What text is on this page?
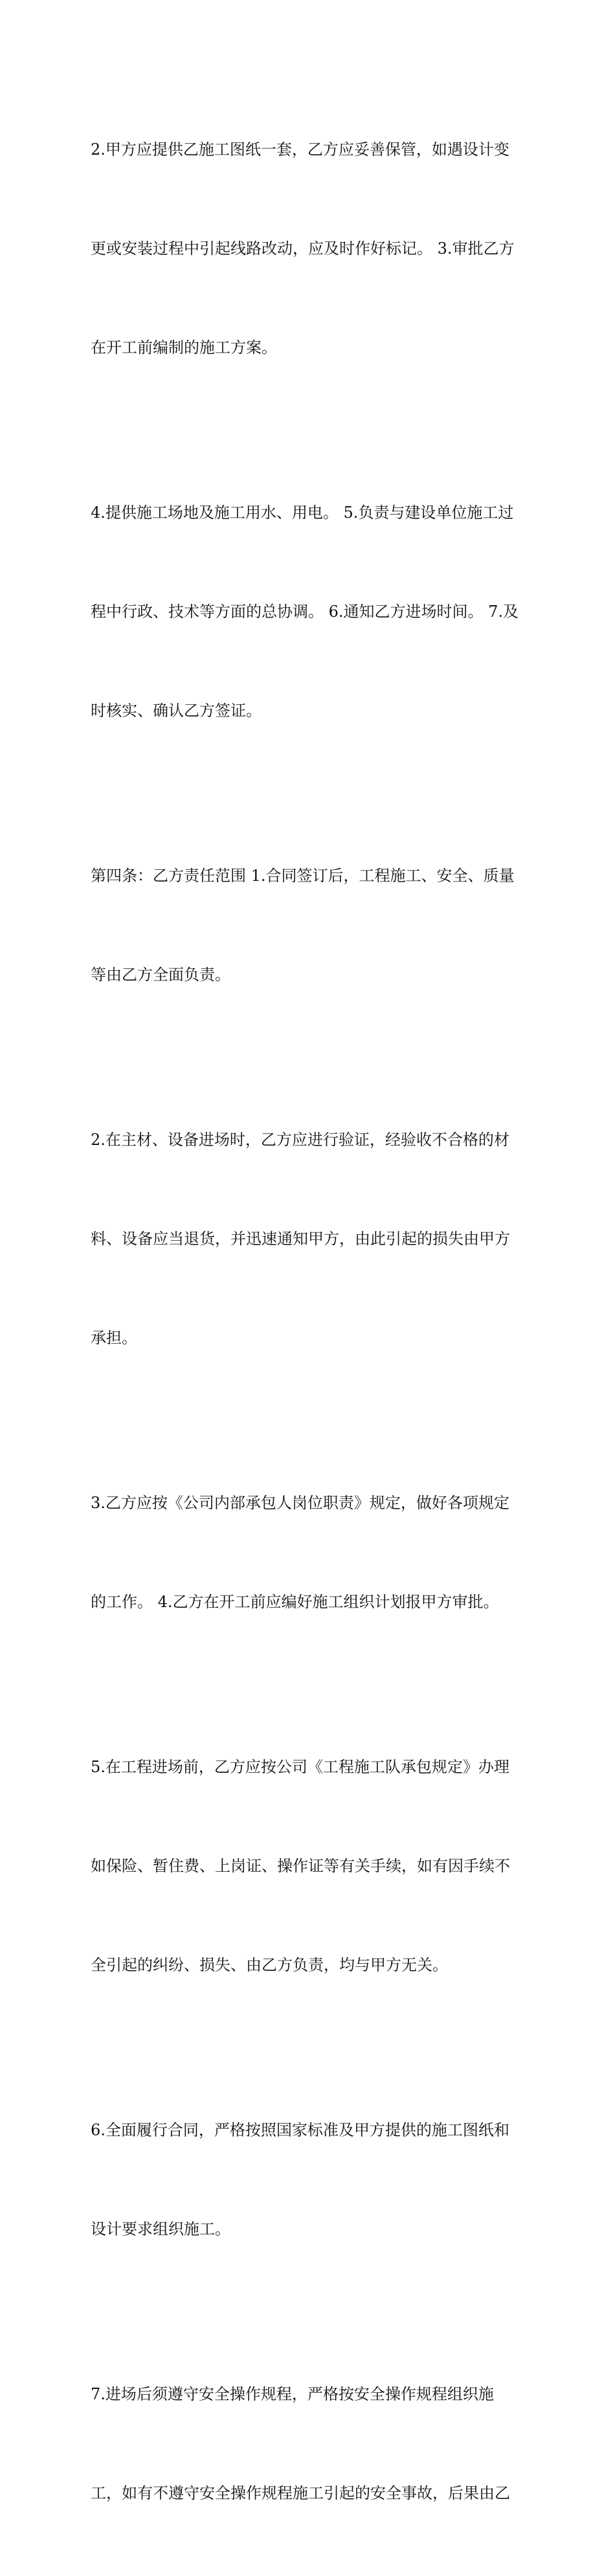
2.甲方应提供乙施工图纸一套，乙方应妥善保管，如遇设计变

更或安装过程中引起线路改动，应及时作好标记。 3.审批乙方

在开工前编制的施工方案。

4.提供施工场地及施工用水、用电。 5.负责与建设单位施工过

程中行政、技术等方面的总协调。 6.通知乙方进场时间。 7.及

时核实、确认乙方签证。

第四条：乙方责任范围 1.合同签订后，工程施工、安全、质量

等由乙方全面负责。

2.在主材、设备进场时，乙方应进行验证，经验收不合格的材

料、设备应当退货，并迅速通知甲方，由此引起的损失由甲方

承担。

3.乙方应按《公司内部承包人岗位职责》规定，做好各项规定

的工作。 4.乙方在开工前应编好施工组织计划报甲方审批。

5.在工程进场前，乙方应按公司《工程施工队承包规定》办理

如保险、暂住费、上岗证、操作证等有关手续，如有因手续不

全引起的纠纷、损失、由乙方负责，均与甲方无关。

6.全面履行合同，严格按照国家标准及甲方提供的施工图纸和

设计要求组织施工。

7.进场后须遵守安全操作规程，严格按安全操作规程组织施

工，如有不遵守安全操作规程施工引起的安全事故，后果由乙
